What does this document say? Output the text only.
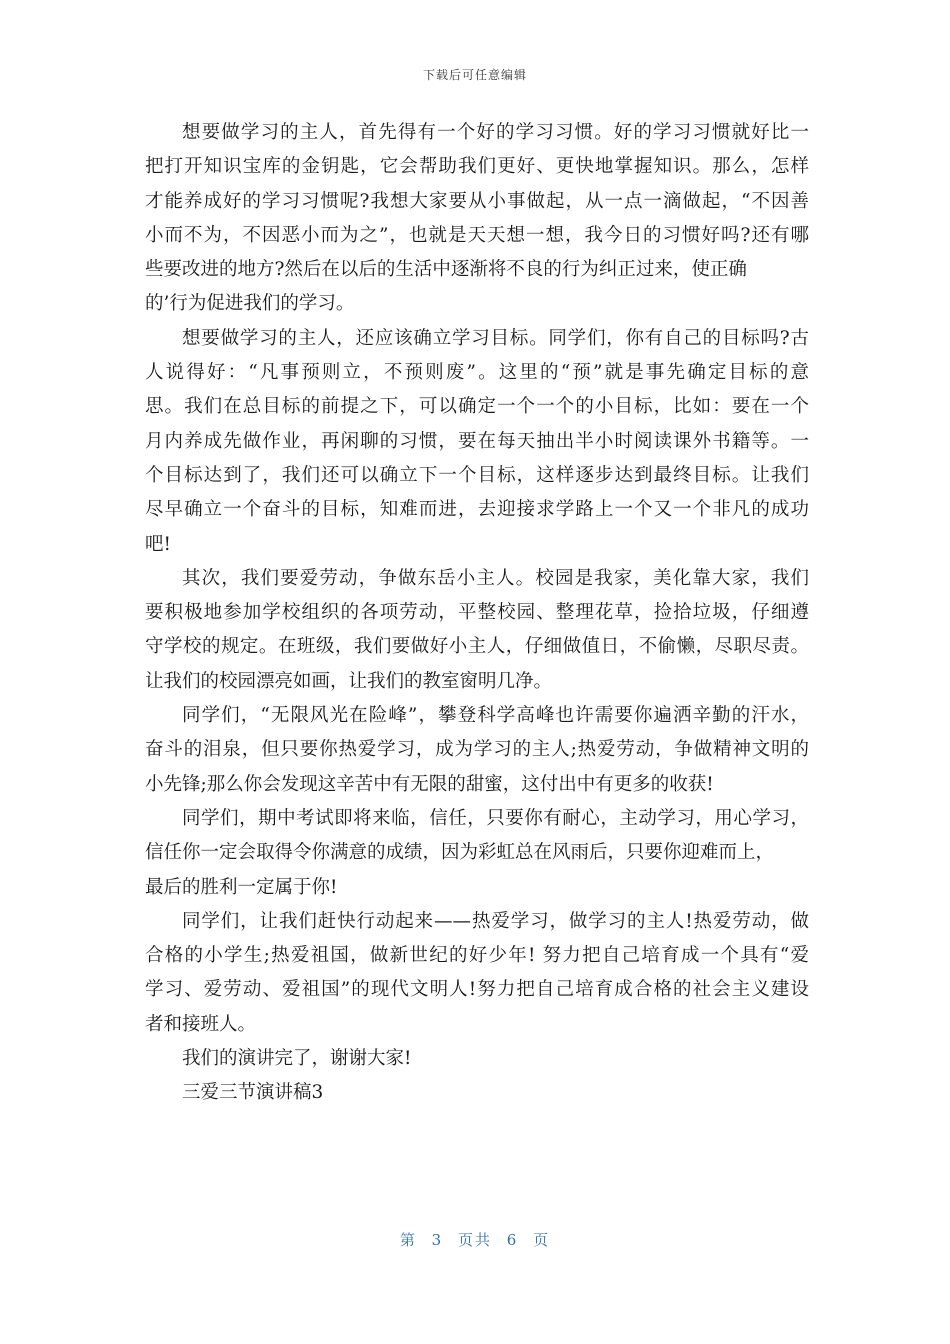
下载后可任意编辑
想要做学习的主人，首先得有一个好的学习习惯。好的学习习惯就好比一
把打开知识宝库的金钥匙，它会帮助我们更好、更快地掌握知识。那么，怎样
才能养成好的学习习惯呢?我想大家要从小事做起，从一点一滴做起，“不因善
小而不为，不因恶小而为之”，也就是天天想一想，我今日的习惯好吗?还有哪
些要改进的地方?然后在以后的生活中逐渐将不良的行为纠正过来，使正确
的’行为促进我们的学习。
想要做学习的主人，还应该确立学习目标。同学们，你有自己的目标吗?古
人说得好：“凡事预则立，不预则废”。这里的“预”就是事先确定目标的意
思。我们在总目标的前提之下，可以确定一个一个的小目标，比如：要在一个
月内养成先做作业，再闲聊的习惯，要在每天抽出半小时阅读课外书籍等。一
个目标达到了，我们还可以确立下一个目标，这样逐步达到最终目标。让我们
尽早确立一个奋斗的目标，知难而进，去迎接求学路上一个又一个非凡的成功
吧!
其次，我们要爱劳动，争做东岳小主人。校园是我家，美化靠大家，我们
要积极地参加学校组织的各项劳动，平整校园、整理花草，捡拾垃圾，仔细遵
守学校的规定。在班级，我们要做好小主人，仔细做值日，不偷懒，尽职尽责。
让我们的校园漂亮如画，让我们的教室窗明几净。
同学们，“无限风光在险峰”，攀登科学高峰也许需要你遍洒辛勤的汗水，
奋斗的泪泉，但只要你热爱学习，成为学习的主人;热爱劳动，争做精神文明的
小先锋;那么你会发现这辛苦中有无限的甜蜜，这付出中有更多的收获!
同学们，期中考试即将来临，信任，只要你有耐心，主动学习，用心学习，
信任你一定会取得令你满意的成绩，因为彩虹总在风雨后，只要你迎难而上，
最后的胜利一定属于你!
同学们，让我们赶快行动起来——热爱学习，做学习的主人!热爱劳动，做
合格的小学生;热爱祖国，做新世纪的好少年! 努力把自己培育成一个具有“爱
学习、爱劳动、爱祖国”的现代文明人!努力把自己培育成合格的社会主义建设
者和接班人。
我们的演讲完了，谢谢大家!
三爱三节演讲稿3
第 3 页共 6 页
